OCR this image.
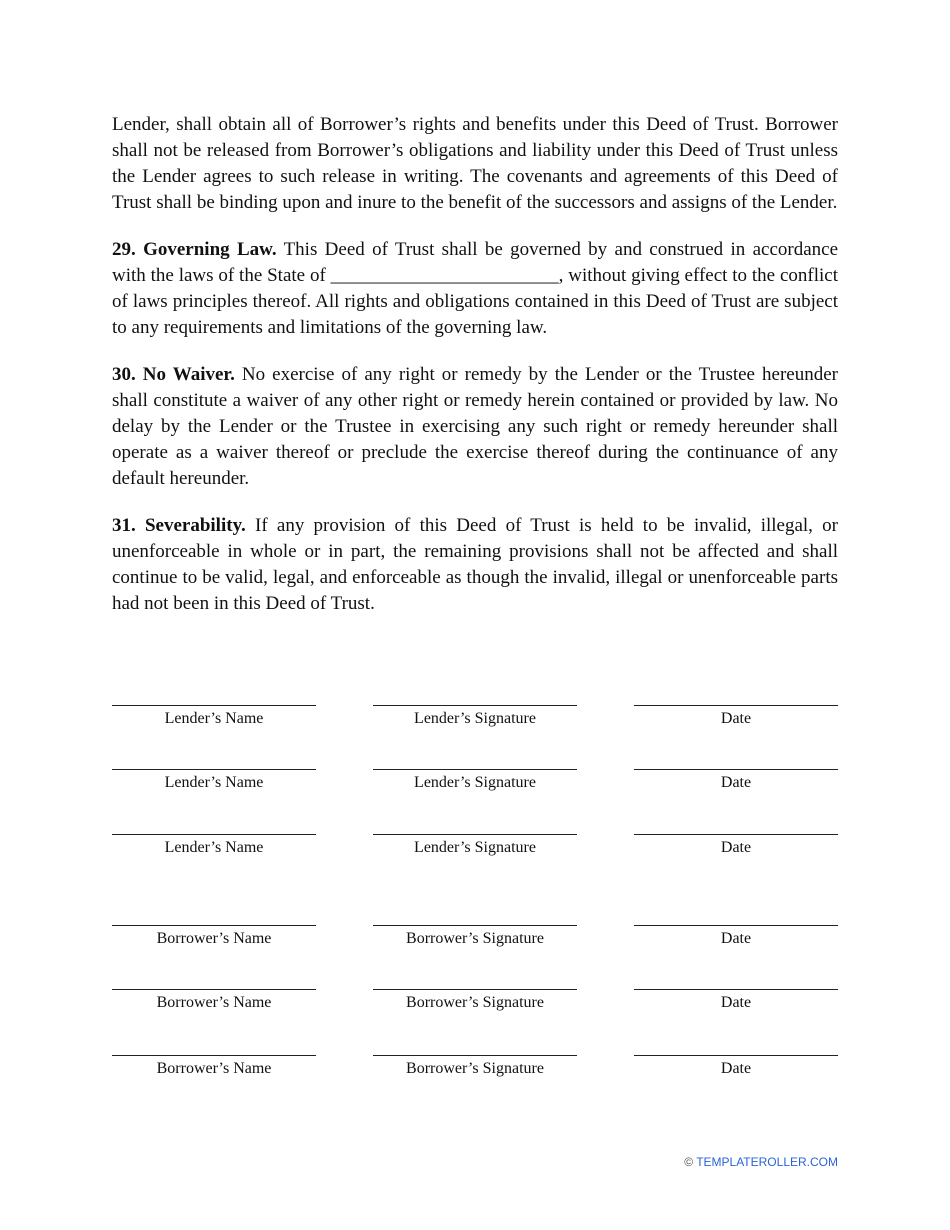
Lender, shall obtain all of Borrower’s rights and benefits under this Deed of Trust. Borrower shall not be released from Borrower’s obligations and liability under this Deed of Trust unless the Lender agrees to such release in writing. The covenants and agreements of this Deed of Trust shall be binding upon and inure to the benefit of the successors and assigns of the Lender.

29. Governing Law. This Deed of Trust shall be governed by and construed in accordance with the laws of the State of ________________________, without giving effect to the conflict of laws principles thereof. All rights and obligations contained in this Deed of Trust are subject to any requirements and limitations of the governing law.

30. No Waiver. No exercise of any right or remedy by the Lender or the Trustee hereunder shall constitute a waiver of any other right or remedy herein contained or provided by law. No delay by the Lender or the Trustee in exercising any such right or remedy hereunder shall operate as a waiver thereof or preclude the exercise thereof during the continuance of any default hereunder.

31. Severability. If any provision of this Deed of Trust is held to be invalid, illegal, or unenforceable in whole or in part, the remaining provisions shall not be affected and shall continue to be valid, legal, and enforceable as though the invalid, illegal or unenforceable parts had not been in this Deed of Trust.

Lender’s Name	Lender’s Signature	Date
Lender’s Name	Lender’s Signature	Date
Lender’s Name	Lender’s Signature	Date
Borrower’s Name	Borrower’s Signature	Date
Borrower’s Name	Borrower’s Signature	Date
Borrower’s Name	Borrower’s Signature	Date
© TEMPLATEROLLER.COM
